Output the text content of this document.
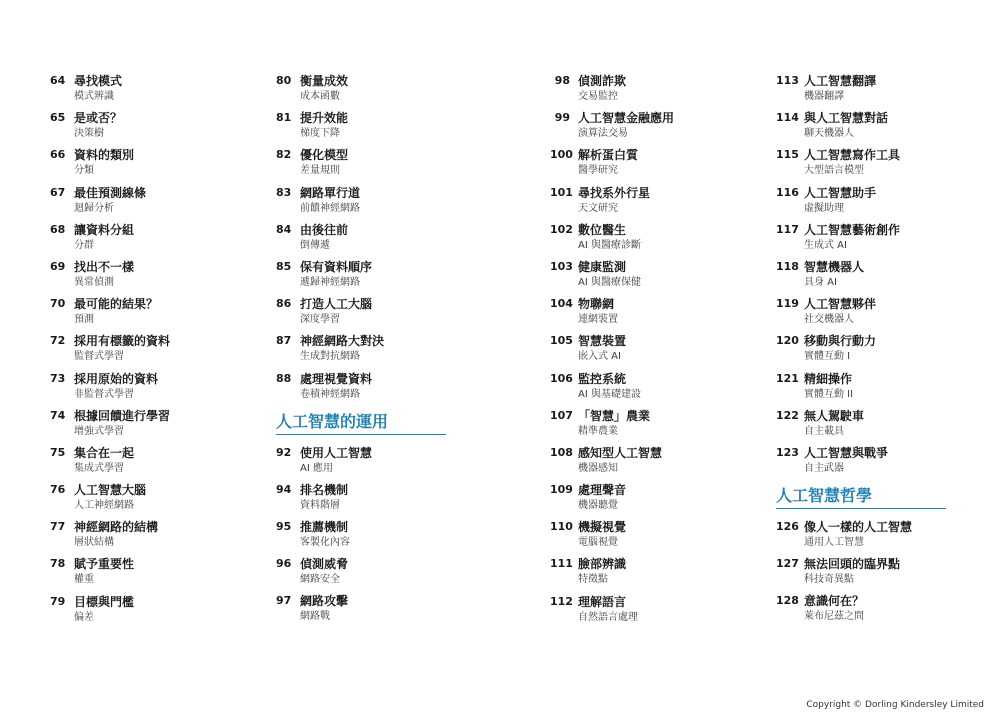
64 尋找模式
模式辨識
65 是或否？
決策樹
66 資料的類別
分類
67 最佳預測線條
迴歸分析
68 讓資料分組
分群
69 找出不一樣
異常偵測
70 最可能的結果？
預測
72 採用有標籤的資料
監督式學習
73 採用原始的資料
非監督式學習
74 根據回饋進行學習
增強式學習
75 集合在一起
集成式學習
76 人工智慧大腦
人工神經網路
77 神經網路的結構
層狀結構
78 賦予重要性
權重
79 目標與門檻
偏差
80 衡量成效
成本函數
81 提升效能
梯度下降
82 優化模型
差量規則
83 網路單行道
前饋神經網路
84 由後往前
倒傳遞
85 保有資料順序
遞歸神經網路
86 打造人工大腦
深度學習
87 神經網路大對決
生成對抗網路
88 處理視覺資料
卷積神經網路
人工智慧的運用
92 使用人工智慧
AI 應用
94 排名機制
資料階層
95 推薦機制
客製化內容
96 偵測威脅
網路安全
97 網路攻擊
網路戰
98 偵測詐欺
交易監控
99 人工智慧金融應用
演算法交易
100 解析蛋白質
醫學研究
101 尋找系外行星
天文研究
102 數位醫生
AI 與醫療診斷
103 健康監測
AI 與醫療保健
104 物聯網
連網裝置
105 智慧裝置
嵌入式 AI
106 監控系統
AI 與基礎建設
107 「智慧」農業
精準農業
108 感知型人工智慧
機器感知
109 處理聲音
機器聽覺
110 機擬視覺
電腦視覺
111 臉部辨識
特徵點
112 理解語言
自然語言處理
113 人工智慧翻譯
機器翻譯
114 與人工智慧對話
聊天機器人
115 人工智慧寫作工具
大型語言模型
116 人工智慧助手
虛擬助理
117 人工智慧藝術創作
生成式 AI
118 智慧機器人
具身 AI
119 人工智慧夥伴
社交機器人
120 移動與行動力
實體互動 I
121 精細操作
實體互動 II
122 無人駕駛車
自主載具
123 人工智慧與戰爭
自主武器
人工智慧哲學
126 像人一樣的人工智慧
通用人工智慧
127 無法回頭的臨界點
科技奇異點
128 意識何在？
萊布尼茲之問
Copyright © Dorling Kindersley Limited
